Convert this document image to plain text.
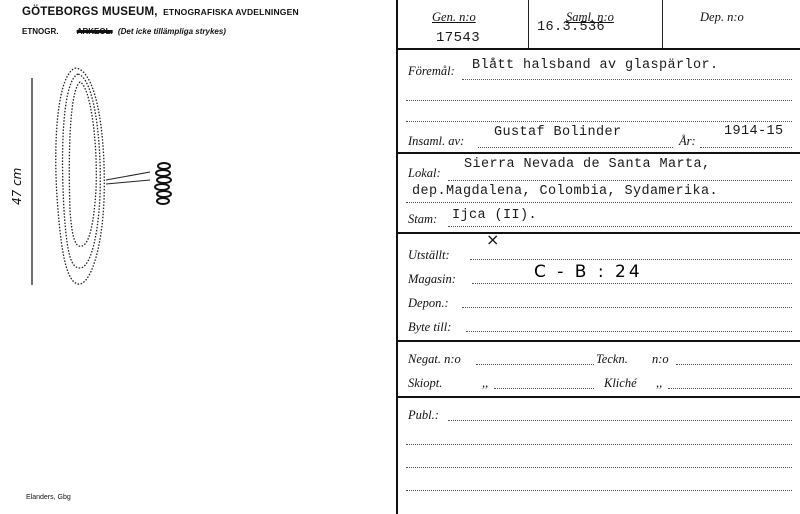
GÖTEBORGS MUSEUM, ETNOGRAFISKA AVDELNINGEN
ETNOGR. ARKEOL. (Det icke tillämpliga strykes)
47 cm
Elanders, Gbg
Gen. n:o
17543
Saml. n:o
16.3.536
Dep. n:o
Föremål: Blått halsband av glaspärlor.
Insaml. av:
Gustaf Bolinder
År:
1914-15
Lokal:
Sierra Nevada de Santa Marta,
dep.Magdalena, Colombia, Sydamerika.
Stam: Ijca (II).
×
Utställt:
Magasin:	C - B : 24
Depon.:
Byte till:
Negat. n:o	Teckn. n:o
Skiopt.	,,	Kliché ,,
Publ.:
